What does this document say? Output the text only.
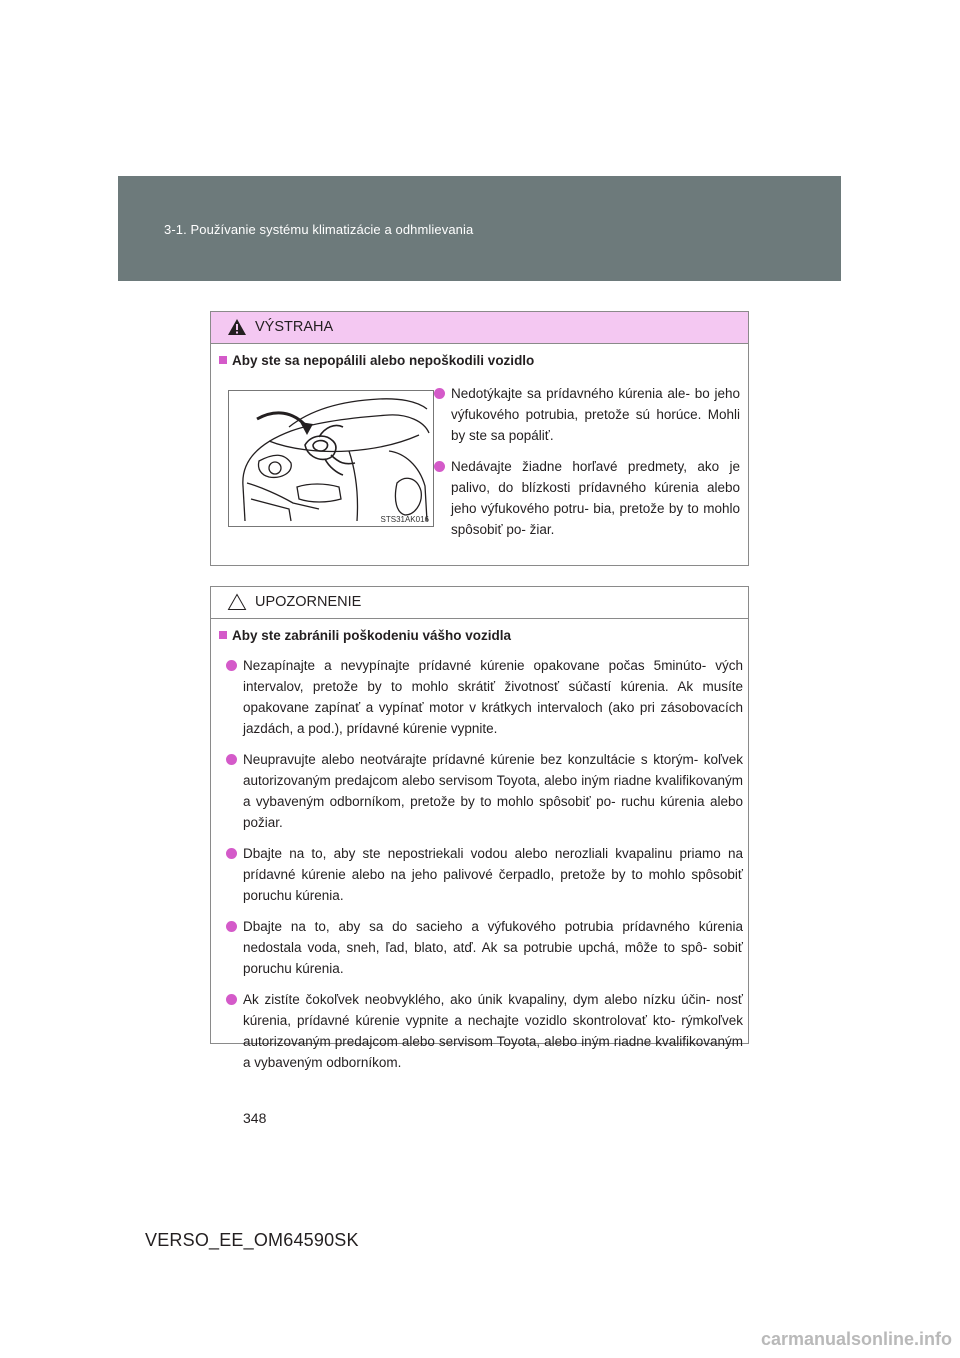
3-1. Používanie systému klimatizácie a odhmlievania
VÝSTRAHA
Aby ste sa nepopálili alebo nepoškodili vozidlo
STS31AK016
Nedotýkajte sa prídavného kúrenia ale- bo jeho výfukového potrubia, pretože sú horúce. Mohli by ste sa popáliť.
Nedávajte žiadne horľavé predmety, ako je palivo, do blízkosti prídavného kúrenia alebo jeho výfukového potru- bia, pretože by to mohlo spôsobiť po- žiar.
UPOZORNENIE
Aby ste zabránili poškodeniu vášho vozidla
Nezapínajte a nevypínajte prídavné kúrenie opakovane počas 5minúto- vých intervalov, pretože by to mohlo skrátiť životnosť súčastí kúrenia. Ak musíte opakovane zapínať a vypínať motor v krátkych intervaloch (ako pri zásobovacích jazdách, a pod.), prídavné kúrenie vypnite.
Neupravujte alebo neotvárajte prídavné kúrenie bez konzultácie s ktorým- koľvek autorizovaným predajcom alebo servisom Toyota, alebo iným riadne kvalifikovaným a vybaveným odborníkom, pretože by to mohlo spôsobiť po- ruchu kúrenia alebo požiar.
Dbajte na to, aby ste nepostriekali vodou alebo nerozliali kvapalinu priamo na prídavné kúrenie alebo na jeho palivové čerpadlo, pretože by to mohlo spôsobiť poruchu kúrenia.
Dbajte na to, aby sa do sacieho a výfukového potrubia prídavného kúrenia nedostala voda, sneh, ľad, blato, atď. Ak sa potrubie upchá, môže to spô- sobiť poruchu kúrenia.
Ak zistíte čokoľvek neobvyklého, ako únik kvapaliny, dym alebo nízku účin- nosť kúrenia, prídavné kúrenie vypnite a nechajte vozidlo skontrolovať kto- rýmkoľvek autorizovaným predajcom alebo servisom Toyota, alebo iným riadne kvalifikovaným a vybaveným odborníkom.
348
VERSO_EE_OM64590SK
carmanualsonline.info
